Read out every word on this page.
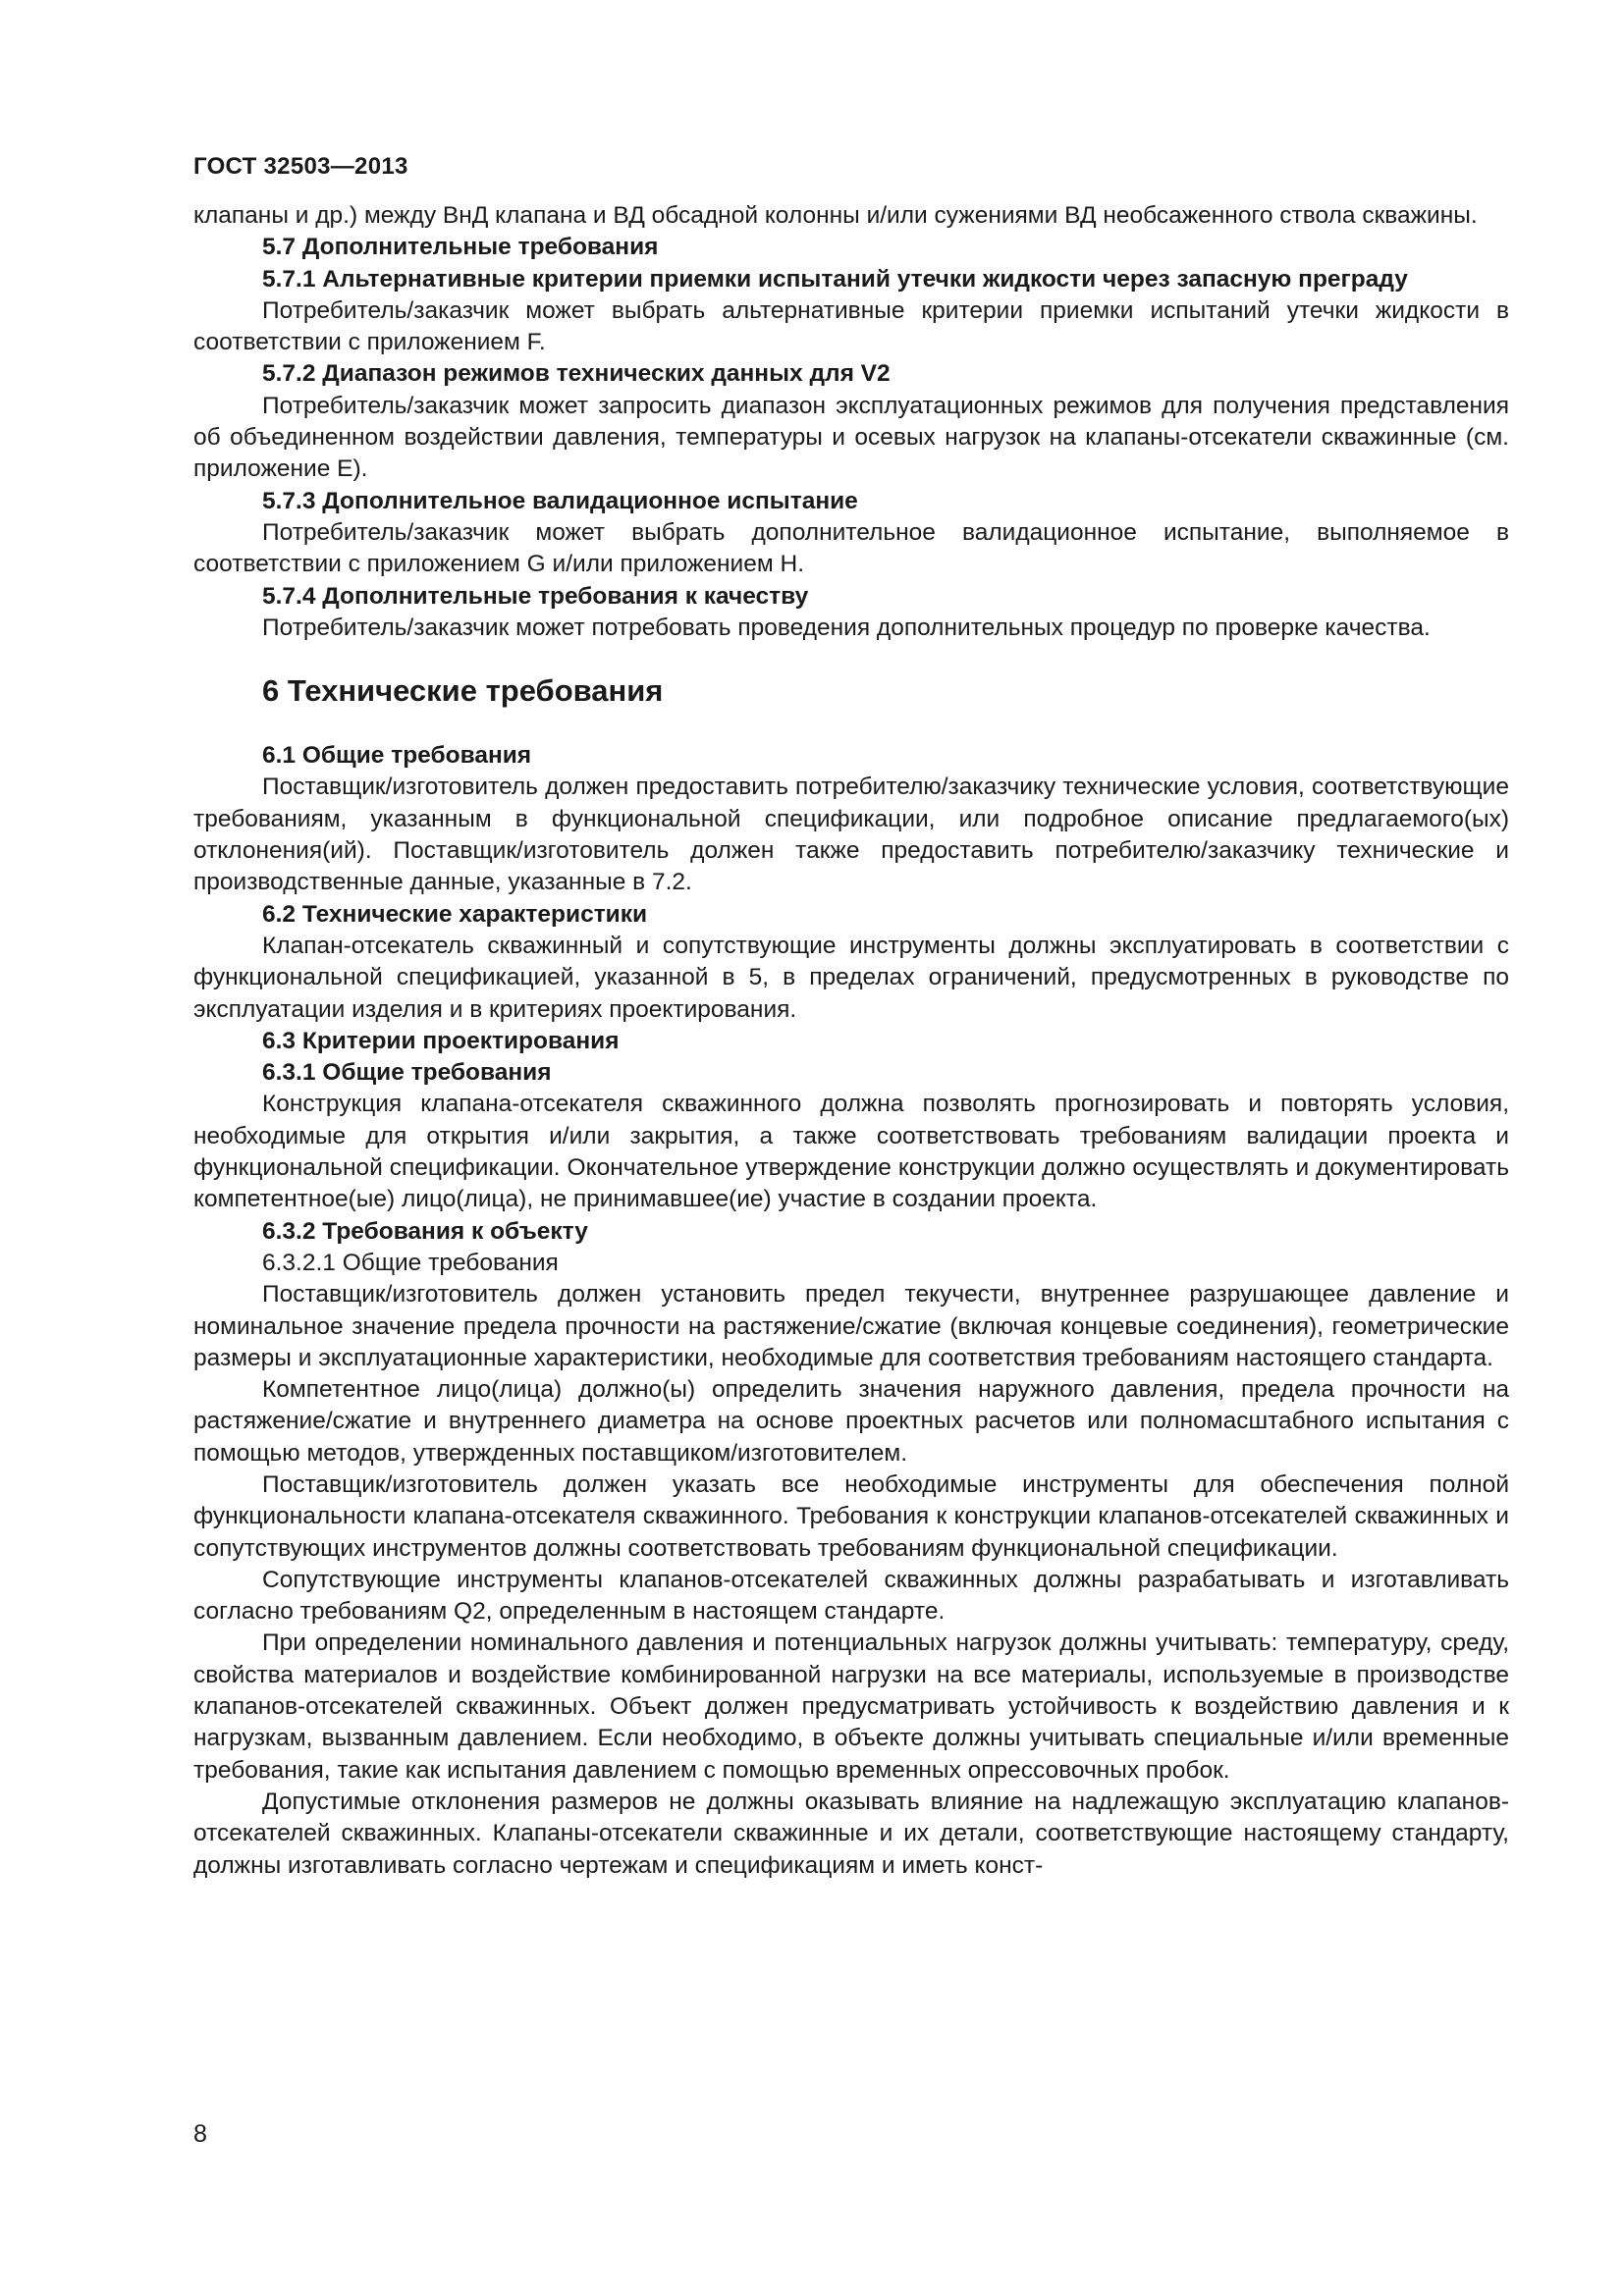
ГОСТ 32503—2013

клапаны и др.) между ВнД клапана и ВД обсадной колонны и/или сужениями ВД необсаженного ствола скважины.

5.7 Дополнительные требования

5.7.1 Альтернативные критерии приемки испытаний утечки жидкости через запасную преграду

Потребитель/заказчик может выбрать альтернативные критерии приемки испытаний утечки жидкости в соответствии с приложением F.

5.7.2 Диапазон режимов технических данных для V2

Потребитель/заказчик может запросить диапазон эксплуатационных режимов для получения представления об объединенном воздействии давления, температуры и осевых нагрузок на клапаны-отсекатели скважинные (см. приложение Е).

5.7.3 Дополнительное валидационное испытание

Потребитель/заказчик может выбрать дополнительное валидационное испытание, выполняемое в соответствии с приложением G и/или приложением H.

5.7.4 Дополнительные требования к качеству

Потребитель/заказчик может потребовать проведения дополнительных процедур по проверке качества.

6 Технические требования

6.1 Общие требования

Поставщик/изготовитель должен предоставить потребителю/заказчику технические условия, соответствующие требованиям, указанным в функциональной спецификации, или подробное описание предлагаемого(ых) отклонения(ий). Поставщик/изготовитель должен также предоставить потребителю/заказчику технические и производственные данные, указанные в 7.2.

6.2 Технические характеристики

Клапан-отсекатель скважинный и сопутствующие инструменты должны эксплуатировать в соответствии с функциональной спецификацией, указанной в 5, в пределах ограничений, предусмотренных в руководстве по эксплуатации изделия и в критериях проектирования.

6.3 Критерии проектирования

6.3.1 Общие требования

Конструкция клапана-отсекателя скважинного должна позволять прогнозировать и повторять условия, необходимые для открытия и/или закрытия, а также соответствовать требованиям валидации проекта и функциональной спецификации. Окончательное утверждение конструкции должно осуществлять и документировать компетентное(ые) лицо(лица), не принимавшее(ие) участие в создании проекта.

6.3.2 Требования к объекту

6.3.2.1 Общие требования

Поставщик/изготовитель должен установить предел текучести, внутреннее разрушающее давление и номинальное значение предела прочности на растяжение/сжатие (включая концевые соединения), геометрические размеры и эксплуатационные характеристики, необходимые для соответствия требованиям настоящего стандарта.

Компетентное лицо(лица) должно(ы) определить значения наружного давления, предела прочности на растяжение/сжатие и внутреннего диаметра на основе проектных расчетов или полномасштабного испытания с помощью методов, утвержденных поставщиком/изготовителем.

Поставщик/изготовитель должен указать все необходимые инструменты для обеспечения полной функциональности клапана-отсекателя скважинного. Требования к конструкции клапанов-отсекателей скважинных и сопутствующих инструментов должны соответствовать требованиям функциональной спецификации.

Сопутствующие инструменты клапанов-отсекателей скважинных должны разрабатывать и изготавливать согласно требованиям Q2, определенным в настоящем стандарте.

При определении номинального давления и потенциальных нагрузок должны учитывать: температуру, среду, свойства материалов и воздействие комбинированной нагрузки на все материалы, используемые в производстве клапанов-отсекателей скважинных. Объект должен предусматривать устойчивость к воздействию давления и к нагрузкам, вызванным давлением. Если необходимо, в объекте должны учитывать специальные и/или временные требования, такие как испытания давлением с помощью временных опрессовочных пробок.

Допустимые отклонения размеров не должны оказывать влияние на надлежащую эксплуатацию клапанов-отсекателей скважинных. Клапаны-отсекатели скважинные и их детали, соответствующие настоящему стандарту, должны изготавливать согласно чертежам и спецификациям и иметь конст-

8
